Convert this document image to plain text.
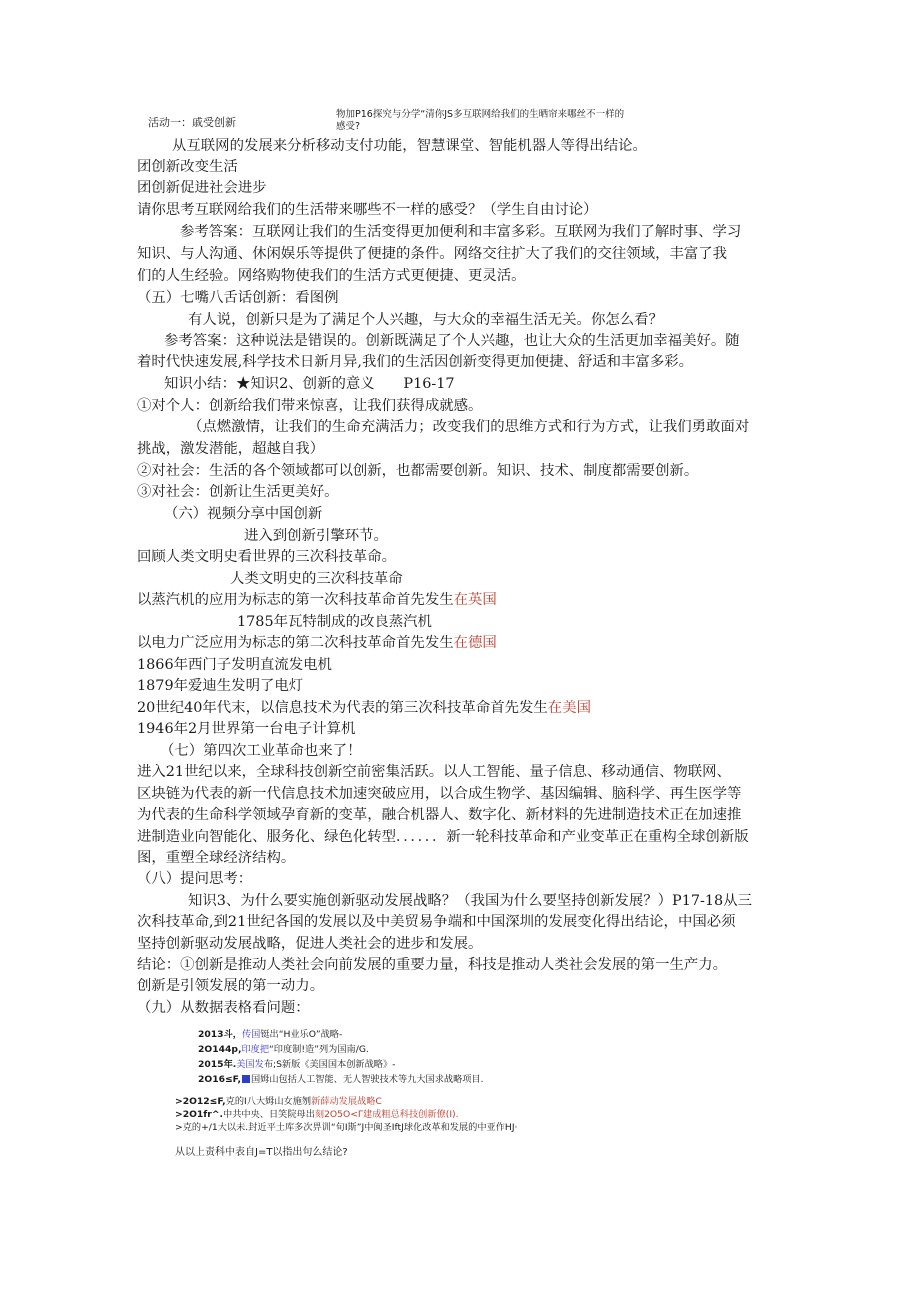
活动一：戚受创新
物加P16探究与分学“清你JS多互联网给我们的生晒帘来哪丝不一样的
感受?
从互联网的发展来分析移动支付功能，智慧课堂、智能机器人等得出结论。
团创新改变生活
团创新促进社会进步
请你思考互联网给我们的生活带来哪些不一样的感受？（学生自由讨论）
参考答案：互联网让我们的生活变得更加便利和丰富多彩。互联网为我们了解时事、学习
知识、与人沟通、休闲娱乐等提供了便捷的条件。网络交往扩大了我们的交往领域，丰富了我
们的人生经验。网络购物使我们的生活方式更便捷、更灵活。
（五）七嘴八舌话创新：看图例
有人说，创新只是为了满足个人兴趣，与大众的幸福生活无关。你怎么看？
参考答案：这种说法是错误的。创新既满足了个人兴趣，也让大众的生活更加幸福美好。随
着时代快速发展,科学技术日新月异,我们的生活因创新变得更加便捷、舒适和丰富多彩。
知识小结：★知识2、创新的意义　　P16-17
①对个人：创新给我们带来惊喜，让我们获得成就感。
（点燃激情，让我们的生命充满活力；改变我们的思维方式和行为方式，让我们勇敢面对
挑战，激发潜能，超越自我）
②对社会：生活的各个领域都可以创新，也都需要创新。知识、技术、制度都需要创新。
③对社会：创新让生活更美好。
（六）视频分享中国创新
进入到创新引擎环节。
回顾人类文明史看世界的三次科技革命。
人类文明史的三次科技革命
以蒸汽机的应用为标志的第一次科技革命首先发生在英国
1785年瓦特制成的改良蒸汽机
以电力广泛应用为标志的第二次科技革命首先发生在德国
1866年西门子发明直流发电机
1879年爱迪生发明了电灯
20世纪40年代末，以信息技术为代表的第三次科技革命首先发生在美国
1946年2月世界第一台电子计算机
（七）第四次工业革命也来了！
进入21世纪以来，全球科技创新空前密集活跃。以人工智能、量子信息、移动通信、物联网、
区块链为代表的新一代信息技术加速突破应用，以合成生物学、基因编辑、脑科学、再生医学等
为代表的生命科学领域孕育新的变革，融合机器人、数字化、新材料的先进制造技术正在加速推
进制造业向智能化、服务化、绿色化转型．．．．．．新一轮科技革命和产业变革正在重构全球创新版
图，重塑全球经济结构。
（八）提问思考：
知识3、为什么要实施创新驱动发展战略？（我国为什么要坚持创新发展？）P17-18从三
次科技革命,到21世纪各国的发展以及中美贸易争端和中国深圳的发展变化得出结论，中国必须
坚持创新驱动发展战略，促进人类社会的进步和发展。
结论：①创新是推动人类社会向前发展的重要力量，科技是推动人类社会发展的第一生产力。
创新是引领发展的第一动力。
（九）从数据表格看问题：
2013斗，传国铤出“H业乐O”战略-
2O144p,印度把“印度制!造”列为国南/G.
2015年.美国发布;S新版《美国国本创新战略》-
2O16≤F, 国姆山包括人工智能、无人智驶技术等九大国求战略项目.
>2O12≤F,克的I八大姆山女施刎新薛动发展战略C
>2O1fr^.中共中央、日笑院母出刻2O5O<Γ建成粗总科技创新僚(I).
>克的+/1大以未.封近平土库多次畀训“旬I斯”J中闽圣IftJ球化改革和发展的中亚作HJ·
从以上责科中表自J=T以指出句么结论?
